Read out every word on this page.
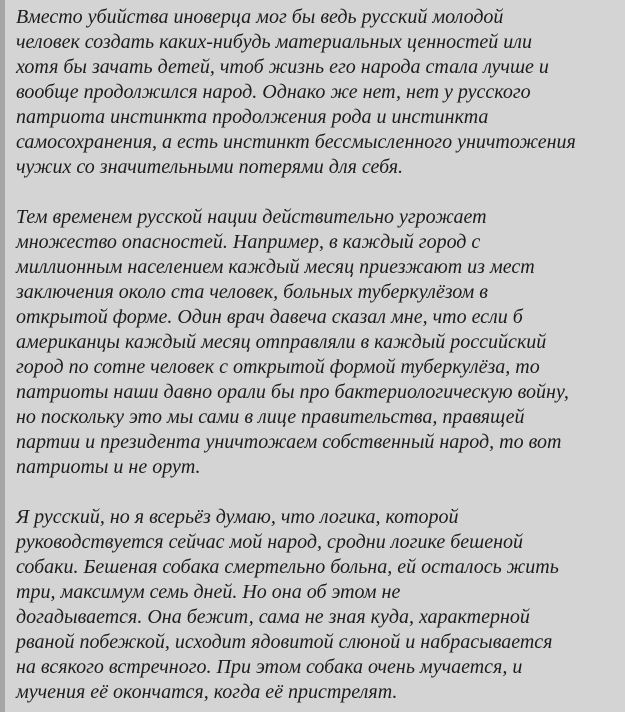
Вместо убийства иноверца мог бы ведь русский молодой
человек создать каких-нибудь материальных ценностей или
хотя бы зачать детей, чтоб жизнь его народа стала лучше и
вообще продолжился народ. Однако же нет, нет у русского
патриота инстинкта продолжения рода и инстинкта
самосохранения, а есть инстинкт бессмысленного уничтожения
чужих со значительными потерями для себя.

Тем временем русской нации действительно угрожает
множество опасностей. Например, в каждый город с
миллионным населением каждый месяц приезжают из мест
заключения около ста человек, больных туберкулёзом в
открытой форме. Один врач давеча сказал мне, что если б
американцы каждый месяц отправляли в каждый российский
город по сотне человек с открытой формой туберкулёза, то
патриоты наши давно орали бы про бактериологическую войну,
но поскольку это мы сами в лице правительства, правящей
партии и президента уничтожаем собственный народ, то вот
патриоты и не орут.

Я русский, но я всерьёз думаю, что логика, которой
руководствуется сейчас мой народ, сродни логике бешеной
собаки. Бешеная собака смертельно больна, ей осталось жить
три, максимум семь дней. Но она об этом не
догадывается. Она бежит, сама не зная куда, характерной
рваной побежкой, исходит ядовитой слюной и набрасывается
на всякого встречного. При этом собака очень мучается, и
мучения её окончатся, когда её пристрелят.
